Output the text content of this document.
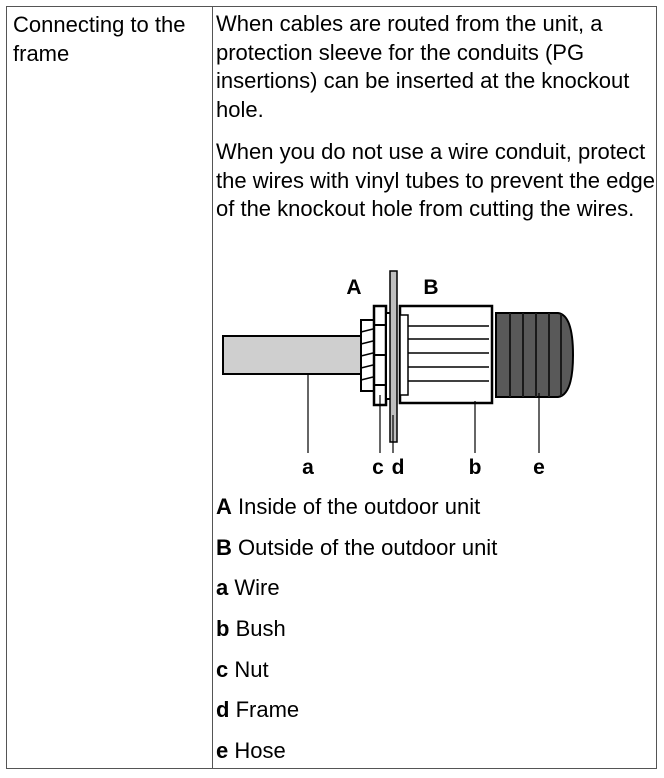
Connecting to the frame

When cables are routed from the unit, a protection sleeve for the conduits (PG insertions) can be inserted at the knockout hole.

When you do not use a wire conduit, protect the wires with vinyl tubes to prevent the edge of the knockout hole from cutting the wires.

A	B
a	c d	b e
A Inside of the outdoor unit
B Outside of the outdoor unit
a Wire
b Bush
c Nut
d Frame
e Hose
